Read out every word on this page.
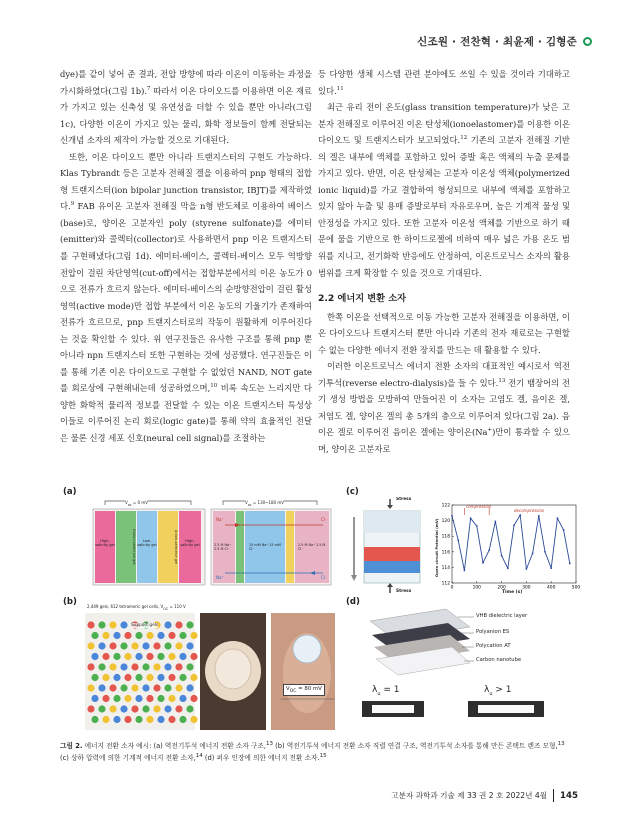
신조원 · 전찬혁 · 최윤제 · 김형준

dye)를 같이 넣어 준 결과, 전압 방향에 따라 이온이 이동하는 과정을 가시화하였다(그림 1b).$^7$ 따라서 이온 다이오드를 이용하면 이온 재료가 가지고 있는 신축성 및 유연성을 더할 수 있을 뿐만 아니라(그림 1c), 다양한 이온이 가지고 있는 물리, 화학 정보들이 함께 전달되는 신개념 소자의 제작이 가능할 것으로 기대된다.

또한, 이온 다이오드 뿐만 아니라 트랜지스터의 구현도 가능하다. Klas Tybrandt 등은 고분자 전해질 겔을 이용하여 pnp 형태의 접합형 트랜지스터(ion bipolar junction transistor, IBJT)를 제작하였다.$^9$ FAB 유이온 고분자 전해질 막을 n형 반도체로 이용하여 베이스(base)로, 양이온 고분자인 poly (styrene sulfonate)를 에미터(emitter)와 콜렉터(collector)로 사용하면서 pnp 이온 트랜지스터를 구현해냈다(그림 1d). 에미터-베이스, 콜렉터-베이스 모두 역방향 전압이 걸린 차단영역(cut-off)에서는 접합부분에서의 이온 농도가 0으로 전류가 흐르지 않는다. 에미터-베이스의 순방향전압이 걸린 활성 영역(active mode)만 접합 부분에서 이온 농도의 기울기가 존재하여 전류가 흐르므로, pnp 트랜지스터로의 작동이 원활하게 이루어진다는 것을 확인할 수 있다. 위 연구진들은 유사한 구조를 통해 pnp 뿐 아니라 npn 트랜지스터 또한 구현하는 것에 성공했다. 연구진들은 이를 통해 기존 이온 다이오드로 구현할 수 없었던 NAND, NOT gate를 회로상에 구현해내는데 성공하였으며,$^{10}$ 비록 속도는 느리지만 다양한 화학적 물리적 정보를 전달할 수 있는 이온 트랜지스터 특성상 이들로 이루어진 논리 회로(logic gate)를 통해 약의 효율적인 전달은 물론 신경 세포 신호(neural cell signal)를 조절하는

등 다양한 생체 시스템 관련 분야에도 쓰일 수 있을 것이라 기대하고 있다.$^{11}$

최근 유리 전이 온도(glass transition temperature)가 낮은 고분자 전해질로 이루어진 이온 탄성체(ionoelastomer)를 이용한 이온 다이오드 및 트랜지스터가 보고되었다.$^{12}$ 기존의 고분자 전해질 기반의 겔은 내부에 액체를 포함하고 있어 증발 혹은 액체의 누출 문제를 가지고 있다. 반면, 이온 탄성체는 고분자 이온성 액체(polymerized ionic liquid)를 가교 결합하여 형성되므로 내부에 액체를 포함하고 있지 않아 누출 및 용매 증발로부터 자유로우며, 높은 기계적 물성 및 안정성을 가지고 있다. 또한 고분자 이온성 액체를 기반으로 하기 때문에 물을 기반으로 한 하이드로젤에 비하여 매우 넓은 가용 온도 범위를 지니고, 전기화학 반응에도 안정하여, 이온트로닉스 소자의 활용범위를 크게 확장할 수 있을 것으로 기대된다.

2.2 에너지 변환 소자

한쪽 이온을 선택적으로 이동 가능한 고분자 전해질을 이용하면, 이온 다이오드나 트랜지스터 뿐만 아니라 기존의 전자 재료로는 구현할 수 없는 다양한 에너지 전환 장치를 만드는 데 활용할 수 있다.

이러한 이온트로닉스 에너지 전환 소자의 대표적인 예시로서 역전기투석(reverse electro-dialysis)을 들 수 있다.$^{13}$ 전기 뱀장어의 전기 생성 방법을 모방하여 만들어진 이 소자는 고염도 겔, 음이온 겔, 저염도 겔, 양이온 겔의 총 5개의 층으로 이루어져 있다(그림 2a). 음이온 겔로 이루어진 음이온 겔에는 양이온(Na+)만이 통과할 수 있으며, 양이온 고분자로

(a)
(b)
(c)
(d)
$V_{oc} = 0$ mV	$V_{oc}$ = 130~180 mV
High-salinity gel	Cation-selective gel	Low-salinity gel	Anion-selective gel	High-salinity gel
Na⁺	Cl⁻
Na⁺	Cl⁻
2.5 M Na⁺ 2.5 M Cl⁻
15 mM Na⁺ 15 mM Cl⁻
2.5 M Na⁺ 2.5 M Cl⁻
2,449 gels, 612 tetrameric gel cells, $V_{OC} = 110$ V
Support gels
$V_{OC} = 80$ mV
Stress
Stress
112
114
116
118
120
122
0	100	200	300	400	500
Open circuit Potential (mV)
Time (s)
compression
decompression
VHB dielectric layer
Polyanion ES
Polycation AT
Carbon nanotube
$\lambda_u = 1$	$\lambda_u > 1$
그림 2. 에너지 전환 소자 예시: (a) 역전기투석 에너지 전환 소자 구조,$^{13}$ (b) 역전기투석 에너지 전환 소자 직렬 연결 구조, 역전기투석 소자를 통해 만든 콘택트 렌즈 모형,$^{13}$ (c) 상하 압력에 의한 기계적 에너지 전환 소자,$^{14}$ (d) 퍼우 인장에 의한 에너지 전환 소자.$^{15}$
고분자 과학과 기술 제 33 권 2 호 2022년 4월 145
